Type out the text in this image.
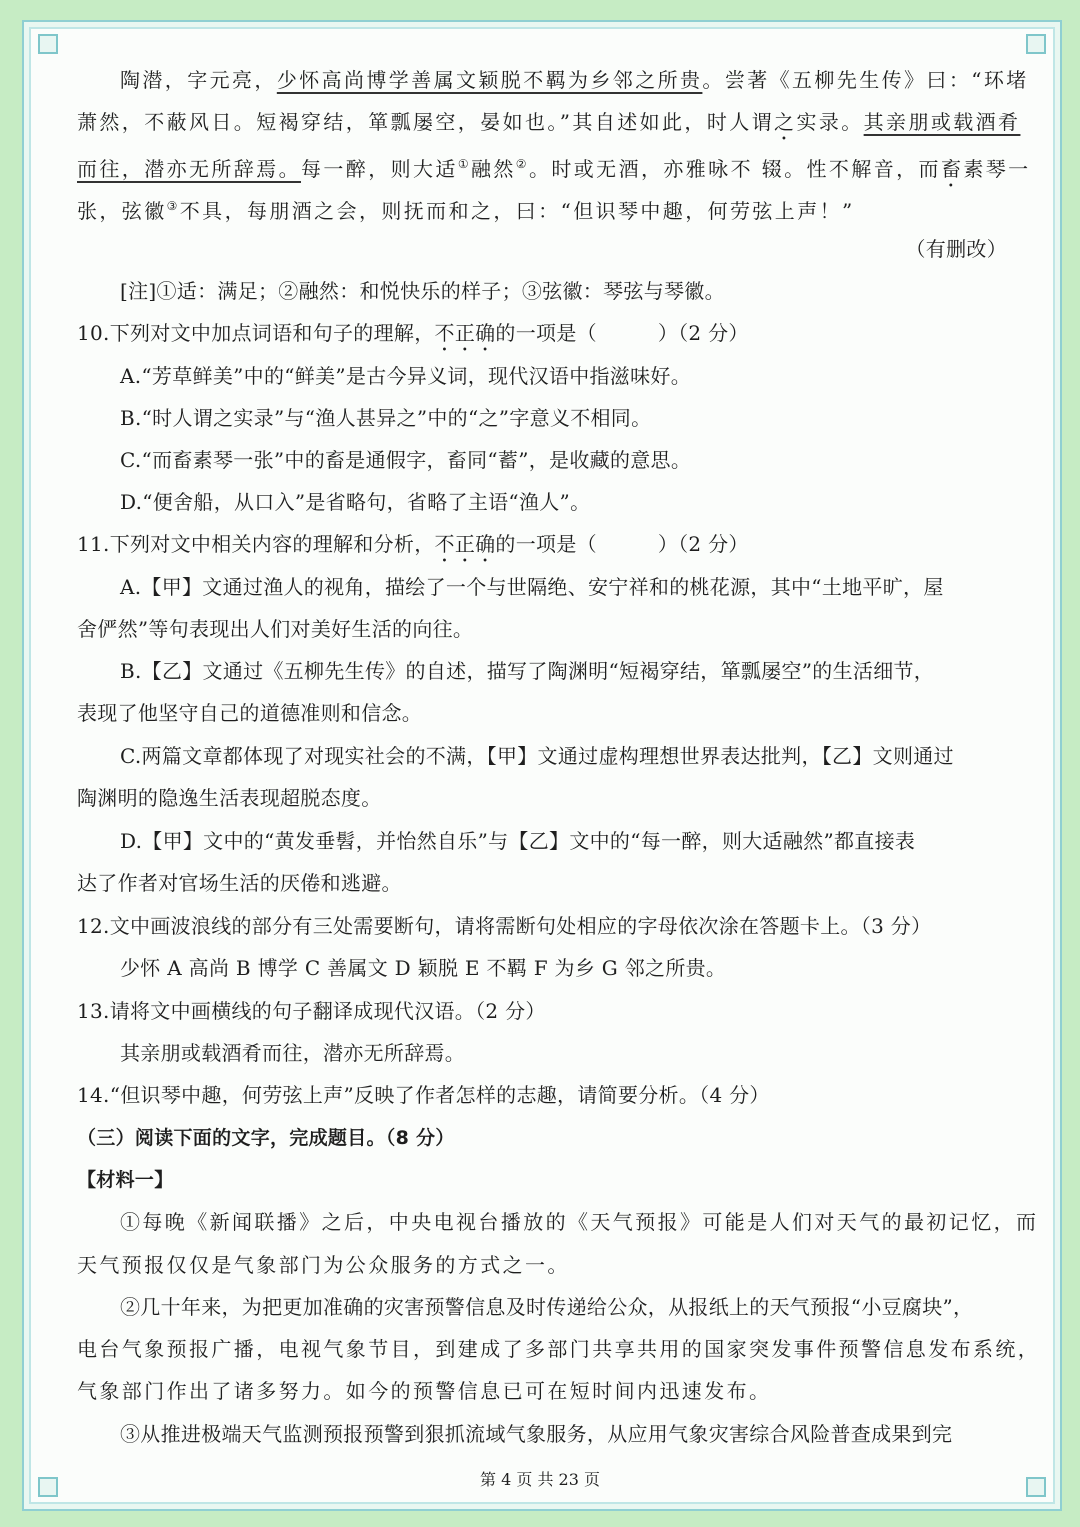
陶潜，字元亮，少怀高尚博学善属文颖脱不羁为乡邻之所贵。尝著《五柳先生传》曰：“环堵
萧然，不蔽风日。短褐穿结，箪瓢屡空，晏如也。”其自述如此，时人谓之实录。其亲朋或载酒肴
而往，潜亦无所辞焉。每一醉，则大适①融然②。时或无酒，亦雅咏不 辍。性不解音，而畜素琴一
张，弦徽③不具，每朋酒之会，则抚而和之，曰：“但识琴中趣，何劳弦上声！”
（有删改）
[注]①适：满足；②融然：和悦快乐的样子；③弦徽：琴弦与琴徽。
10.下列对文中加点词语和句子的理解，不正确的一项是（　　　）（2 分）
A.“芳草鲜美”中的“鲜美”是古今异义词，现代汉语中指滋味好。
B.“时人谓之实录”与“渔人甚异之”中的“之”字意义不相同。
C.“而畜素琴一张”中的畜是通假字，畜同“蓄”，是收藏的意思。
D.“便舍船，从口入”是省略句，省略了主语“渔人”。
11.下列对文中相关内容的理解和分析，不正确的一项是（　　　）（2 分）
A.【甲】文通过渔人的视角，描绘了一个与世隔绝、安宁祥和的桃花源，其中“土地平旷，屋
舍俨然”等句表现出人们对美好生活的向往。
B.【乙】文通过《五柳先生传》的自述，描写了陶渊明“短褐穿结，箪瓢屡空”的生活细节，
表现了他坚守自己的道德准则和信念。
C.两篇文章都体现了对现实社会的不满，【甲】文通过虚构理想世界表达批判，【乙】文则通过
陶渊明的隐逸生活表现超脱态度。
D.【甲】文中的“黄发垂髫，并怡然自乐”与【乙】文中的“每一醉，则大适融然”都直接表
达了作者对官场生活的厌倦和逃避。
12.文中画波浪线的部分有三处需要断句，请将需断句处相应的字母依次涂在答题卡上。（3 分）
少怀 A 高尚 B 博学 C 善属文 D 颖脱 E 不羁 F 为乡 G 邻之所贵。
13.请将文中画横线的句子翻译成现代汉语。（2 分）
其亲朋或载酒肴而往，潜亦无所辞焉。
14.“但识琴中趣，何劳弦上声”反映了作者怎样的志趣，请简要分析。（4 分）
（三）阅读下面的文字，完成题目。（8 分）
【材料一】
①每晚《新闻联播》之后，中央电视台播放的《天气预报》可能是人们对天气的最初记忆，而
天气预报仅仅是气象部门为公众服务的方式之一。
②几十年来，为把更加准确的灾害预警信息及时传递给公众，从报纸上的天气预报“小豆腐块”，
电台气象预报广播，电视气象节目，到建成了多部门共享共用的国家突发事件预警信息发布系统，
气象部门作出了诸多努力。如今的预警信息已可在短时间内迅速发布。
③从推进极端天气监测预报预警到狠抓流域气象服务，从应用气象灾害综合风险普查成果到完
第 4 页 共 23 页
